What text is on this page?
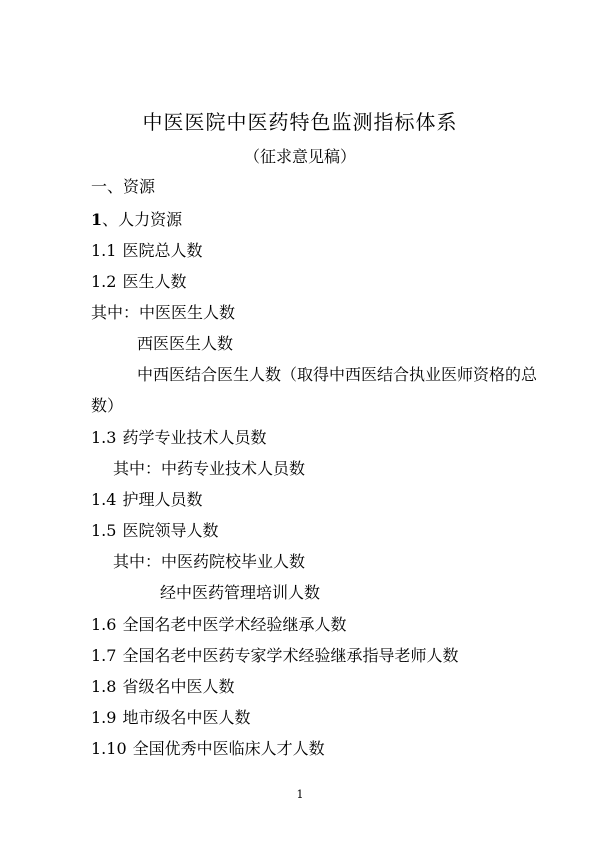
中医医院中医药特色监测指标体系
（征求意见稿）
一、资源
1、人力资源
1.1 医院总人数
1.2 医生人数
其中：中医医生人数
西医医生人数
中西医结合医生人数（取得中西医结合执业医师资格的总
数）
1.3 药学专业技术人员数
其中：中药专业技术人员数
1.4 护理人员数
1.5 医院领导人数
其中：中医药院校毕业人数
经中医药管理培训人数
1.6 全国名老中医学术经验继承人数
1.7 全国名老中医药专家学术经验继承指导老师人数
1.8 省级名中医人数
1.9 地市级名中医人数
1.10 全国优秀中医临床人才人数
1
